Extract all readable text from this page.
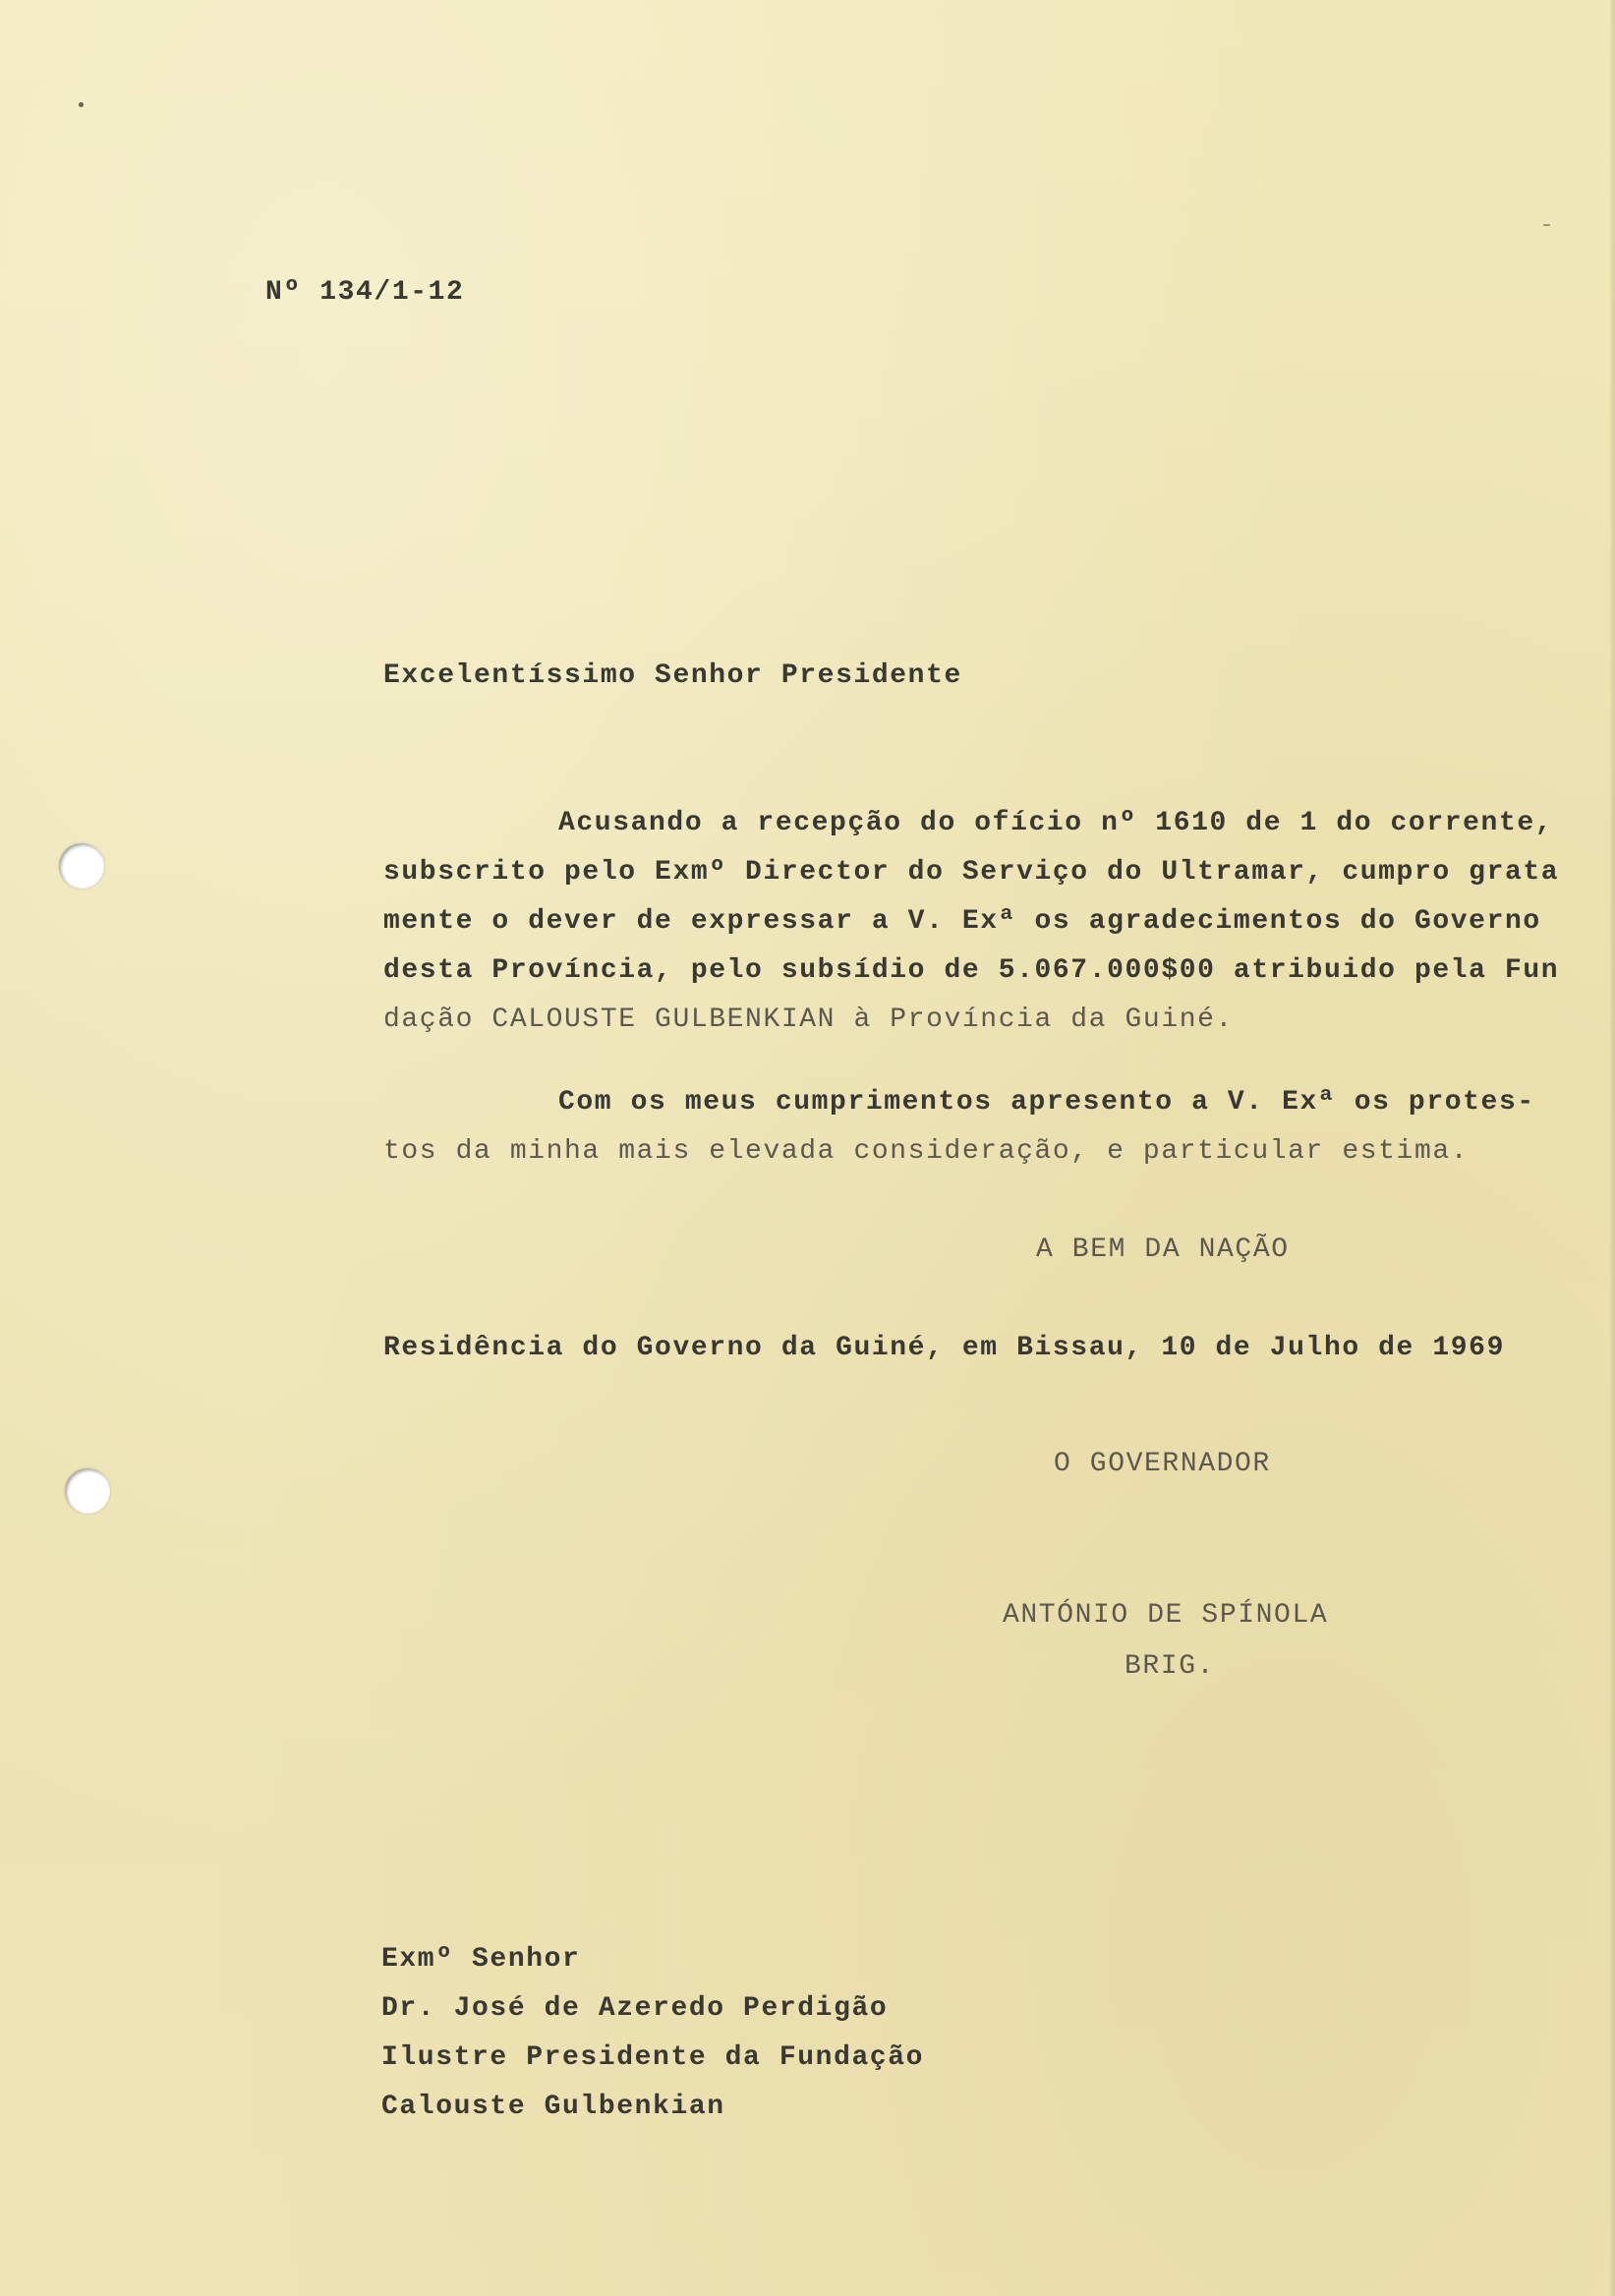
Nº 134/1-12
Excelentíssimo Senhor Presidente
Acusando a recepção do ofício nº 1610 de 1 do corrente,
subscrito pelo Exmº Director do Serviço do Ultramar, cumpro grata
mente o dever de expressar a V. Exª os agradecimentos do Governo
desta Província, pelo subsídio de 5.067.000$00 atribuido pela Fun
dação CALOUSTE GULBENKIAN à Província da Guiné.
Com os meus cumprimentos apresento a V. Exª os protes-
tos da minha mais elevada consideração, e particular estima.
A BEM DA NAÇÃO
Residência do Governo da Guiné, em Bissau, 10 de Julho de 1969
O GOVERNADOR
ANTÓNIO DE SPÍNOLA
BRIG.
Exmº Senhor
Dr. José de Azeredo Perdigão
Ilustre Presidente da Fundação
Calouste Gulbenkian
